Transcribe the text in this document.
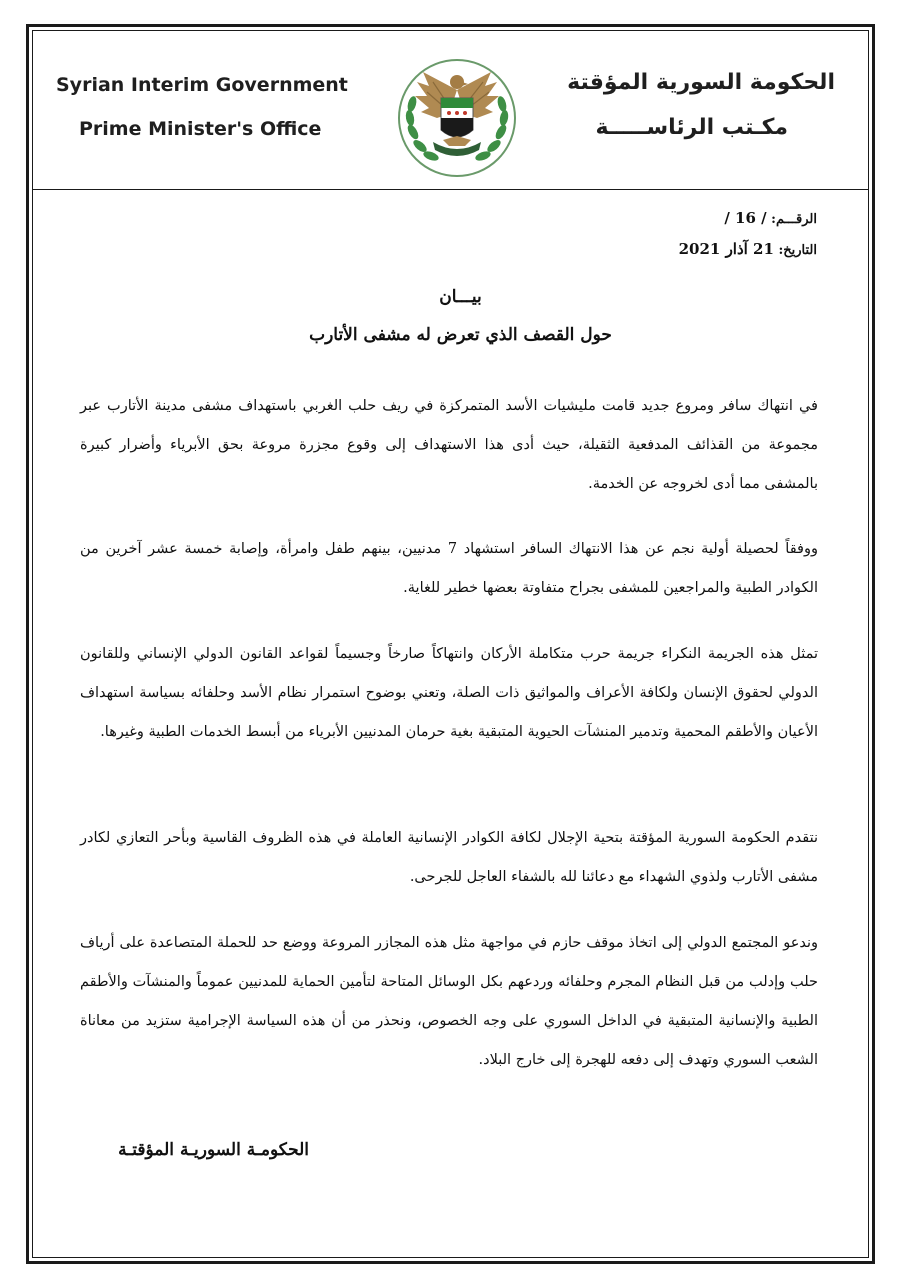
Syrian Interim Government
Prime Minister's Office
الحكومة السورية المؤقتة
مكـتب الرئاســـــة
الرقـــم: / 16 /
التاريخ: 21 آذار 2021
بيـــان
حول القصف الذي تعرض له مشفى الأتارب
في انتهاك سافر ومروع جديد قامت مليشيات الأسد المتمركزة في ريف حلب الغربي باستهداف مشفى مدينة الأتارب عبر مجموعة من القذائف المدفعية الثقيلة، حيث أدى هذا الاستهداف إلى وقوع مجزرة مروعة بحق الأبرياء وأضرار كبيرة بالمشفى مما أدى لخروجه عن الخدمة.
ووفقاً لحصيلة أولية نجم عن هذا الانتهاك السافر استشهاد 7 مدنيين، بينهم طفل وامرأة، وإصابة خمسة عشر آخرين من الكوادر الطبية والمراجعين للمشفى بجراح متفاوتة بعضها خطير للغاية.
تمثل هذه الجريمة النكراء جريمة حرب متكاملة الأركان وانتهاكاً صارخاً وجسيماً لقواعد القانون الدولي الإنساني وللقانون الدولي لحقوق الإنسان ولكافة الأعراف والمواثيق ذات الصلة، وتعني بوضوح استمرار نظام الأسد وحلفائه بسياسة استهداف الأعيان والأطقم المحمية وتدمير المنشآت الحيوية المتبقية بغية حرمان المدنيين الأبرياء من أبسط الخدمات الطبية وغيرها.
نتقدم الحكومة السورية المؤقتة بتحية الإجلال لكافة الكوادر الإنسانية العاملة في هذه الظروف القاسية وبأحر التعازي لكادر مشفى الأتارب ولذوي الشهداء مع دعائنا لله بالشفاء العاجل للجرحى.
وندعو المجتمع الدولي إلى اتخاذ موقف حازم في مواجهة مثل هذه المجازر المروعة ووضع حد للحملة المتصاعدة على أرياف حلب وإدلب من قبل النظام المجرم وحلفائه وردعهم بكل الوسائل المتاحة لتأمين الحماية للمدنيين عموماً والمنشآت والأطقم الطبية والإنسانية المتبقية في الداخل السوري على وجه الخصوص، ونحذر من أن هذه السياسة الإجرامية ستزيد من معاناة الشعب السوري وتهدف إلى دفعه للهجرة إلى خارج البلاد.
الحكومـة السوريـة المؤقتـة
